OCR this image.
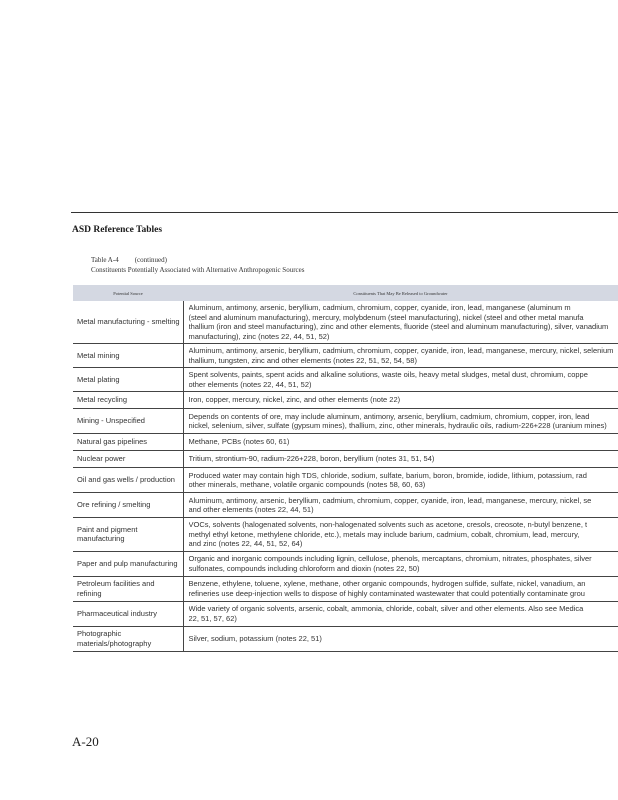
ASD Reference Tables
Table A-4 (continued)
Constituents Potentially Associated with Alternative Anthropogenic Sources
Potential Source	Constituents That May Be Released to Groundwater
Metal manufacturing - smelting	Aluminum, antimony, arsenic, beryllium, cadmium, chromium, copper, cyanide, iron, lead, manganese (aluminum m
(steel and aluminum manufacturing), mercury, molybdenum (steel manufacturing), nickel (steel and other metal manufa
thallium (iron and steel manufacturing), zinc and other elements, fluoride (steel and aluminum manufacturing), silver, vanadium
manufacturing), zinc (notes 22, 44, 51, 52)

Metal mining	Aluminum, antimony, arsenic, beryllium, cadmium, chromium, copper, cyanide, iron, lead, manganese, mercury, nickel, selenium
thallium, tungsten, zinc and other elements (notes 22, 51, 52, 54, 58)

Metal plating	Spent solvents, paints, spent acids and alkaline solutions, waste oils, heavy metal sludges, metal dust, chromium, coppe
other elements (notes 22, 44, 51, 52)

Metal recycling	Iron, copper, mercury, nickel, zinc, and other elements (note 22)

Mining - Unspecified	Depends on contents of ore, may include aluminum, antimony, arsenic, beryllium, cadmium, chromium, copper, iron, lead
nickel, selenium, silver, sulfate (gypsum mines), thallium, zinc, other minerals, hydraulic oils, radium-226+228 (uranium mines)

Natural gas pipelines	Methane, PCBs (notes 60, 61)

Nuclear power	Tritium, strontium-90, radium-226+228, boron, beryllium (notes 31, 51, 54)

Oil and gas wells / production	Produced water may contain high TDS, chloride, sodium, sulfate, barium, boron, bromide, iodide, lithium, potassium, rad
other minerals, methane, volatile organic compounds (notes 58, 60, 63)

Ore refining / smelting	Aluminum, antimony, arsenic, beryllium, cadmium, chromium, copper, cyanide, iron, lead, manganese, mercury, nickel, se
and other elements (notes 22, 44, 51)

Paint and pigment manufacturing	VOCs, solvents (halogenated solvents, non-halogenated solvents such as acetone, cresols, creosote, n-butyl benzene, t
methyl ethyl ketone, methylene chloride, etc.), metals may include barium, cadmium, cobalt, chromium, lead, mercury,
and zinc (notes 22, 44, 51, 52, 64)

Paper and pulp manufacturing	Organic and inorganic compounds including lignin, cellulose, phenols, mercaptans, chromium, nitrates, phosphates, silver
sulfonates, compounds including chloroform and dioxin (notes 22, 50)

Petroleum facilities and refining	Benzene, ethylene, toluene, xylene, methane, other organic compounds, hydrogen sulfide, sulfate, nickel, vanadium, an
refineries use deep-injection wells to dispose of highly contaminated wastewater that could potentially contaminate grou

Pharmaceutical industry	Wide variety of organic solvents, arsenic, cobalt, ammonia, chloride, cobalt, silver and other elements. Also see Medica
22, 51, 57, 62)

Photographic materials/photography	Silver, sodium, potassium (notes 22, 51)
A-20
